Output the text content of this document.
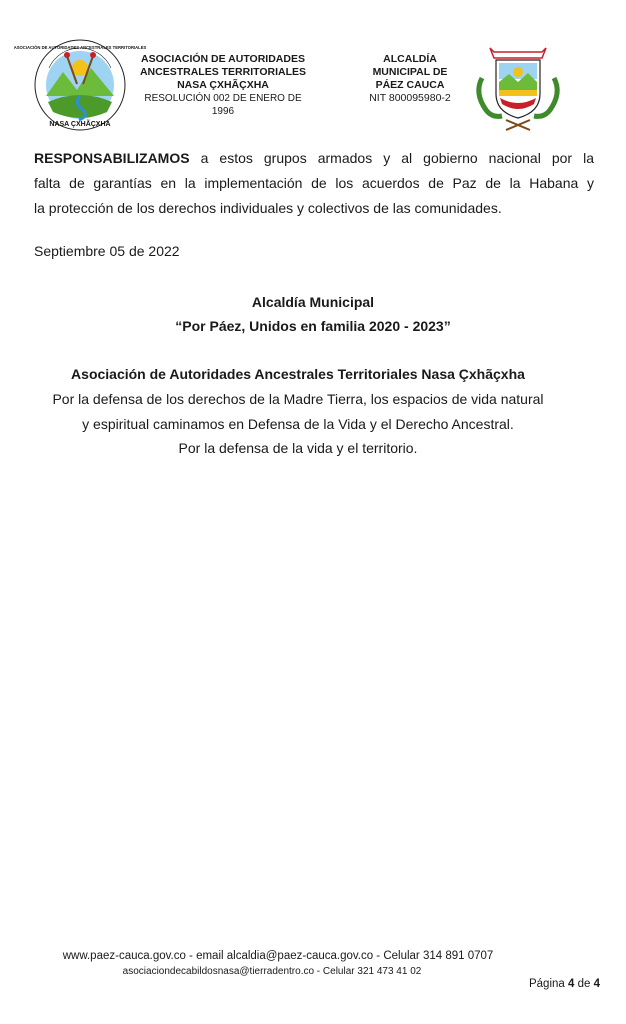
NASA ÇXHÃÇXHA
ASOCIACIÓN DE AUTORIDADES ANCESTRALES TERRITORIALES
ASOCIACIÓN DE AUTORIDADES
ANCESTRALES TERRITORIALES
NASA ÇXHÃÇXHA
RESOLUCIÓN 002 DE ENERO DE
1996
ALCALDÍA
MUNICIPAL DE
PÁEZ CAUCA
NIT 800095980-2
RESPONSABILIZAMOS a estos grupos armados y al gobierno nacional por la
falta de garantías en la implementación de los acuerdos de Paz de la Habana y
la protección de los derechos individuales y colectivos de las comunidades.
Septiembre 05 de 2022
Alcaldía Municipal
“Por Páez, Unidos en familia 2020 - 2023”
Asociación de Autoridades Ancestrales Territoriales Nasa Çxhãçxha
Por la defensa de los derechos de la Madre Tierra, los espacios de vida natural
y espiritual caminamos en Defensa de la Vida y el Derecho Ancestral.
Por la defensa de la vida y el territorio.
www.paez-cauca.gov.co - email alcaldia@paez-cauca.gov.co - Celular 314 891 0707
asociaciondecabildosnasa@tierradentro.co - Celular 321 473 41 02
Página 4 de 4
